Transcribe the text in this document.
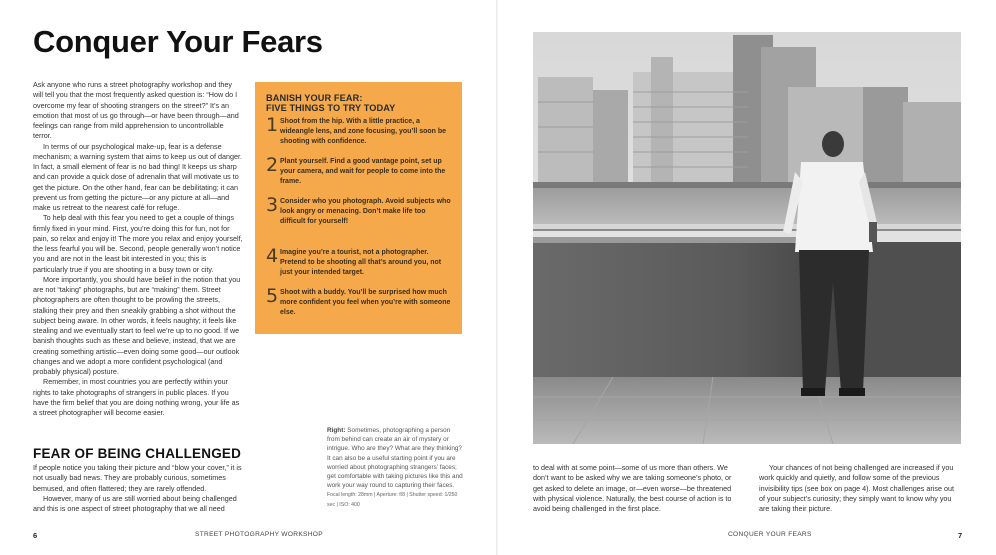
Conquer Your Fears

Ask anyone who runs a street photography workshop and they will tell you that the most frequently asked question is: “How do I overcome my fear of shooting strangers on the street?” It’s an emotion that most of us go through—or have been through—and feelings can range from mild apprehension to uncontrollable terror.

In terms of our psychological make-up, fear is a defense mechanism; a warning system that aims to keep us out of danger. In fact, a small element of fear is no bad thing! It keeps us sharp and can provide a quick dose of adrenalin that will motivate us to get the picture. On the other hand, fear can be debilitating; it can prevent us from getting the picture—or any picture at all—and make us retreat to the nearest café for refuge.

To help deal with this fear you need to get a couple of things firmly fixed in your mind. First, you’re doing this for fun, not for pain, so relax and enjoy it! The more you relax and enjoy yourself, the less fearful you will be. Second, people generally won’t notice you and are not in the least bit interested in you; this is particularly true if you are shooting in a busy town or city.

More importantly, you should have belief in the notion that you are not “taking” photographs, but are “making” them. Street photographers are often thought to be prowling the streets, stalking their prey and then sneakily grabbing a shot without the subject being aware. In other words, it feels naughty; it feels like stealing and we eventually start to feel we’re up to no good. If we banish thoughts such as these and believe, instead, that we are creating something artistic—even doing some good—our outlook changes and we adopt a more confident psychological (and probably physical) posture.

Remember, in most countries you are perfectly within your rights to take photographs of strangers in public places. If you have the firm belief that you are doing nothing wrong, your life as a street photographer will become easier.

FEAR OF BEING CHALLENGED

If people notice you taking their picture and “blow your cover,” it is not usually bad news. They are probably curious, sometimes bemused, and often flattered; they are rarely offended.

However, many of us are still worried about being challenged and this is one aspect of street photography that we all need

BANISH YOUR FEAR:
FIVE THINGS TO TRY TODAY
1 Shoot from the hip. With a little practice, a wideangle lens, and zone focusing, you’ll soon be shooting with confidence.
2 Plant yourself. Find a good vantage point, set up your camera, and wait for people to come into the frame.
3 Consider who you photograph. Avoid subjects who look angry or menacing. Don’t make life too difficult for yourself!
4 Imagine you’re a tourist, not a photographer. Pretend to be shooting all that’s around you, not just your intended target.
5 Shoot with a buddy. You’ll be surprised how much more confident you feel when you’re with someone else.
Right: Sometimes, photographing a person from behind can create an air of mystery or intrigue. Who are they? What are they thinking? It can also be a useful starting point if you are worried about photographing strangers’ faces; get comfortable with taking pictures like this and work your way round to capturing their faces.
Focal length: 28mm | Aperture: f/8 | Shutter speed: 1/250 sec | ISO: 400
6	STREET PHOTOGRAPHY WORKSHOP

to deal with at some point—some of us more than others. We don’t want to be asked why we are taking someone’s photo, or get asked to delete an image, or—even worse—be threatened with physical violence. Naturally, the best course of action is to avoid being challenged in the first place.

Your chances of not being challenged are increased if you work quickly and quietly, and follow some of the previous invisibility tips (see box on page 4). Most challenges arise out of your subject’s curiosity; they simply want to know why you are taking their picture.

CONQUER YOUR FEARS	7
